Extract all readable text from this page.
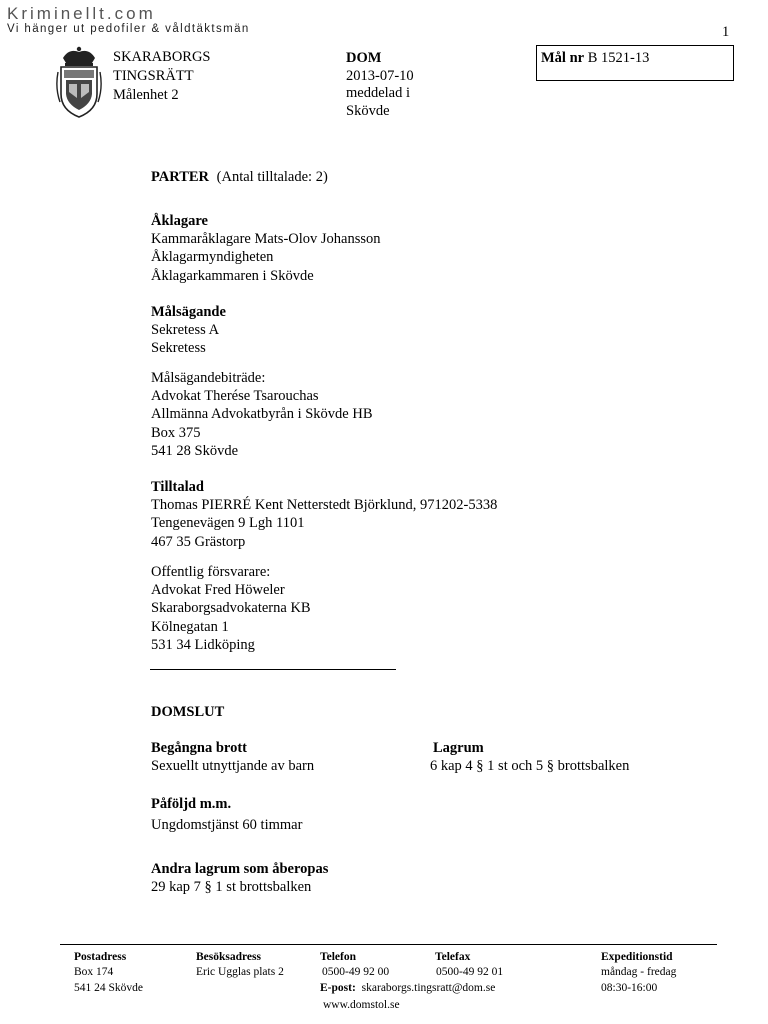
Kriminellt.com
Vi hänger ut pedofiler & våldtäktsmän	1
SKARABORGS
TINGSRÄTT
Målenhet 2
DOM
2013-07-10
meddelad i
Skövde
Mål nr B 1521-13
PARTER (Antal tilltalade: 2)
Åklagare
Kammaråklagare Mats-Olov Johansson
Åklagarmyndigheten
Åklagarkammaren i Skövde
Målsägande
Sekretess A
Sekretess
Målsägandebiträde:
Advokat Therése Tsarouchas
Allmänna Advokatbyrån i Skövde HB
Box 375
541 28 Skövde
Tilltalad
Thomas PIERRÉ Kent Netterstedt Björklund, 971202-5338
Tengenevägen 9 Lgh 1101
467 35 Grästorp
Offentlig försvarare:
Advokat Fred Höweler
Skaraborgsadvokaterna KB
Kölnegatan 1
531 34 Lidköping
DOMSLUT
Begångna brott	Lagrum
Sexuellt utnyttjande av barn	6 kap 4 § 1 st och 5 § brottsbalken
Påföljd m.m.
Ungdomstjänst 60 timmar
Andra lagrum som åberopas
29 kap 7 § 1 st brottsbalken
Postadress
Box 174
541 24 Skövde
Besöksadress
Eric Ugglas plats 2
Telefon
0500-49 92 00
Telefax
0500-49 92 01
E-post: skaraborgs.tingsratt@dom.se
www.domstol.se
Expeditionstid
måndag - fredag
08:30-16:00
